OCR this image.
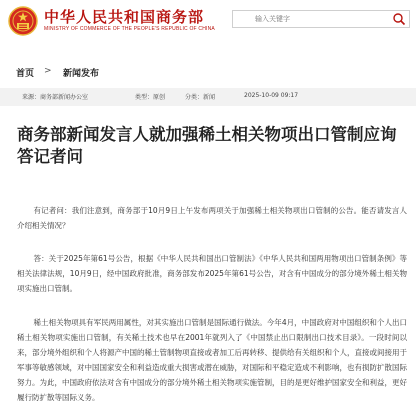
中华人民共和国商务部
MINISTRY OF COMMERCE OF THE PEOPLE'S REPUBLIC OF CHINA
输入关键字
首页 > 新闻发布
来源：商务部新闻办公室	类型：原创	分类：新闻	2025-10-09 09:17
商务部新闻发言人就加强稀土相关物项出口管制应询答记者问

有记者问：我们注意到，商务部于10月9日上午发布两项关于加强稀土相关物项出口管制的公告。能否请发言人介绍相关情况？

答：关于2025年第61号公告，根据《中华人民共和国出口管制法》《中华人民共和国两用物项出口管制条例》等相关法律法规，10月9日，经中国政府批准，商务部发布2025年第61号公告，对含有中国成分的部分境外稀土相关物项实施出口管制。

稀土相关物项具有军民两用属性，对其实施出口管制是国际通行做法。今年4月，中国政府对中国组织和个人出口稀土相关物项实施出口管制，有关稀土技术也早在2001年就列入了《中国禁止出口限制出口技术目录》。一段时间以来，部分境外组织和个人将源产中国的稀土管制物项直接或者加工后再转移、提供给有关组织和个人，直接或间接用于军事等敏感领域，对中国国家安全和利益造成重大损害或潜在威胁，对国际和平稳定造成不利影响，也有损防扩散国际努力。为此，中国政府依法对含有中国成分的部分境外稀土相关物项实施管制，目的是更好维护国家安全和利益，更好履行防扩散等国际义务。
